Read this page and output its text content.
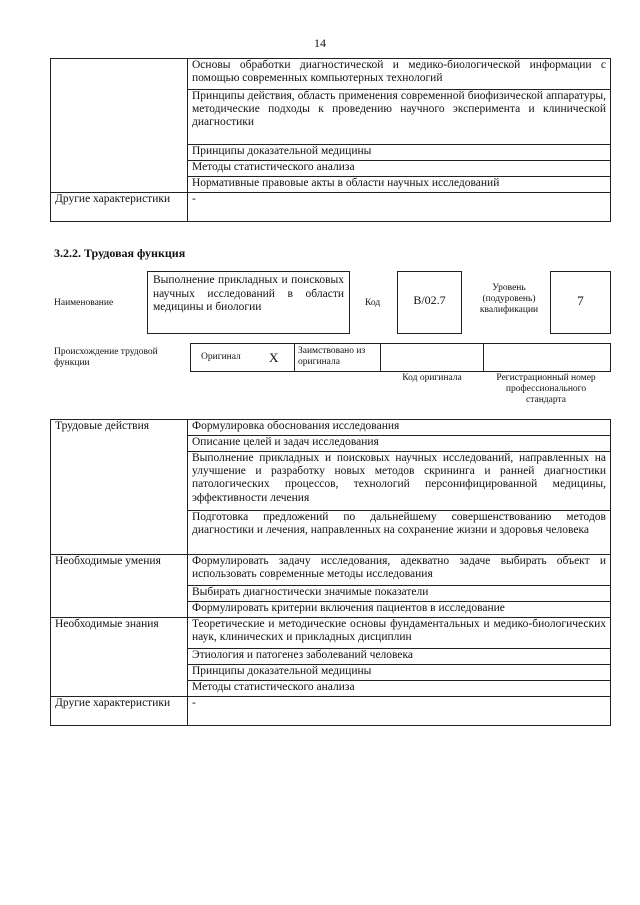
14
	Основы обработки диагностической и медико-биологической информации с помощью современных компьютерных технологий
	Принципы действия, область применения современной биофизической аппаратуры, методические подходы к проведению научного эксперимента и клинической диагностики
	Принципы доказательной медицины
	Методы статистического анализа
	Нормативные правовые акты в области научных исследований
Другие характеристики	-
3.2.2. Трудовая функция
Наименование
Выполнение прикладных и поисковых научных исследований в области медицины и биологии	Код	B/02.7
Уровень (подуровень) квалификации
7
Происхождение трудовой функции
Оригинал X Заимствовано из оригинала
Код оригинала	Регистрационный номер профессионального стандарта
Трудовые действия	Формулировка обоснования исследования
	Описание целей и задач исследования
	Выполнение прикладных и поисковых научных исследований, направленных на улучшение и разработку новых методов скрининга и ранней диагностики патологических процессов, технологий персонифицированной медицины, эффективности лечения
	Подготовка предложений по дальнейшему совершенствованию методов диагностики и лечения, направленных на сохранение жизни и здоровья человека
Необходимые умения	Формулировать задачу исследования, адекватно задаче выбирать объект и использовать современные методы исследования
	Выбирать диагностически значимые показатели
	Формулировать критерии включения пациентов в исследование
Необходимые знания	Теоретические и методические основы фундаментальных и медико-биологических наук, клинических и прикладных дисциплин
	Этиология и патогенез заболеваний человека
	Принципы доказательной медицины
	Методы статистического анализа
Другие характеристики	-
